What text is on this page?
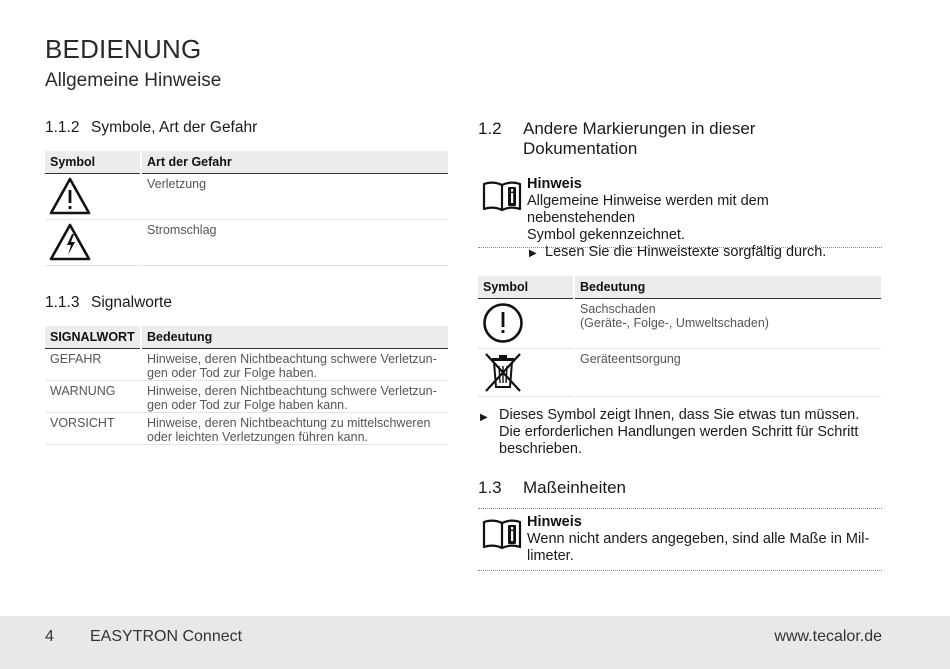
BEDIENUNG
Allgemeine Hinweise
1.1.2 Symbole, Art der Gefahr
Symbol		Art der Gefahr
		Verletzung
		Stromschlag
1.1.3 Signalworte
SIGNALWORT		Bedeutung
GEFAHR		Hinweise, deren Nichtbeachtung schwere Verletzun-
gen oder Tod zur Folge haben.
WARNUNG		Hinweise, deren Nichtbeachtung schwere Verletzun-
gen oder Tod zur Folge haben kann.
VORSICHT		Hinweise, deren Nichtbeachtung zu mittelschweren
oder leichten Verletzungen führen kann.
1.2 Andere Markierungen in dieser
Dokumentation
Hinweis
Allgemeine Hinweise werden mit dem nebenstehenden
Symbol gekennzeichnet.
▶ Lesen Sie die Hinweistexte sorgfältig durch.
Symbol		Bedeutung
		Sachschaden
(Geräte-, Folge-, Umweltschaden)
		Geräteentsorgung
▶ Dieses Symbol zeigt Ihnen, dass Sie etwas tun müssen.
Die erforderlichen Handlungen werden Schritt für Schritt
beschrieben.
1.3 Maßeinheiten
Hinweis
Wenn nicht anders angegeben, sind alle Maße in Mil-
limeter.
4 EASYTRON Connect	www.tecalor.de
